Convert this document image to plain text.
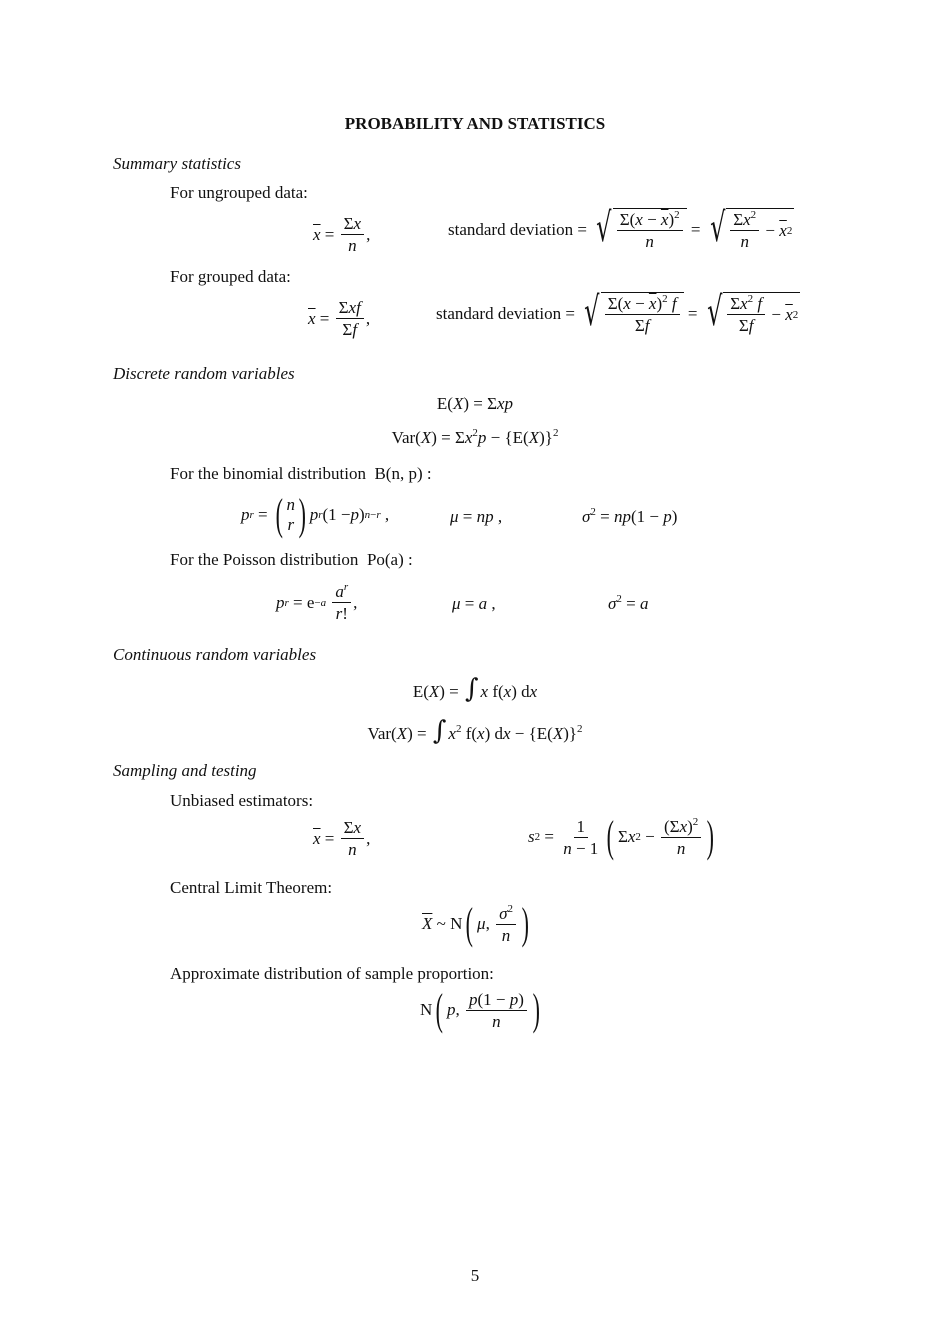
PROBABILITY AND STATISTICS
Summary statistics
For ungrouped data:
$\overline{x} = \frac{\Sigma x}{n}$ ,	standard deviation = √ $\frac{\Sigma(x - \overline{x})^2}{n}$ = √ $\frac{\Sigma x^2}{n} - \overline{x}$ 2
For grouped data:
$\overline{x} = \frac{\text{Σxf}}{\Sigma f}$ ,	standard deviation = √ $\frac{\Sigma(x - \overline{x})^2 f}{\Sigma f}$ = √ $\frac{\Sigma x^2 f}{\Sigma f} - \overline{x}$ 2
Discrete random variables
E(X) = Σxp
$Var(X) = \Sigma x^2p - \{E(X)\}^2$
For the binomial distribution B(n, p) :
p r = ( n
r ) p r (1 − p ) n−r ,	μ = np ,	$\sigma^2 = np(1 - p)$
For the Poisson distribution Po(a) :
p r = e −a
$\frac{a^r}{r!}$ ,	μ = a ,	$\sigma^2 = a$
Continuous random variables
E(X) = ∫ x f(x) dx
Var(X) = ∫ $x^2$ f(x) dx − $\{E(X)\}^2$
Sampling and testing
Unbiased estimators:
$\overline{x} = \frac{\Sigma x}{n}$ ,	s $2 = \frac{1}{n - 1}$ ( Σ x $2 - \frac{(\Sigma x)^2}{n}$ )
Central Limit Theorem:
$\overline{X}$ ~ N ( μ , $\frac{\sigma^2}{n}$ )
Approximate distribution of sample proportion:
N ( p , $\frac{p(1 - p)}{n}$ )
5
